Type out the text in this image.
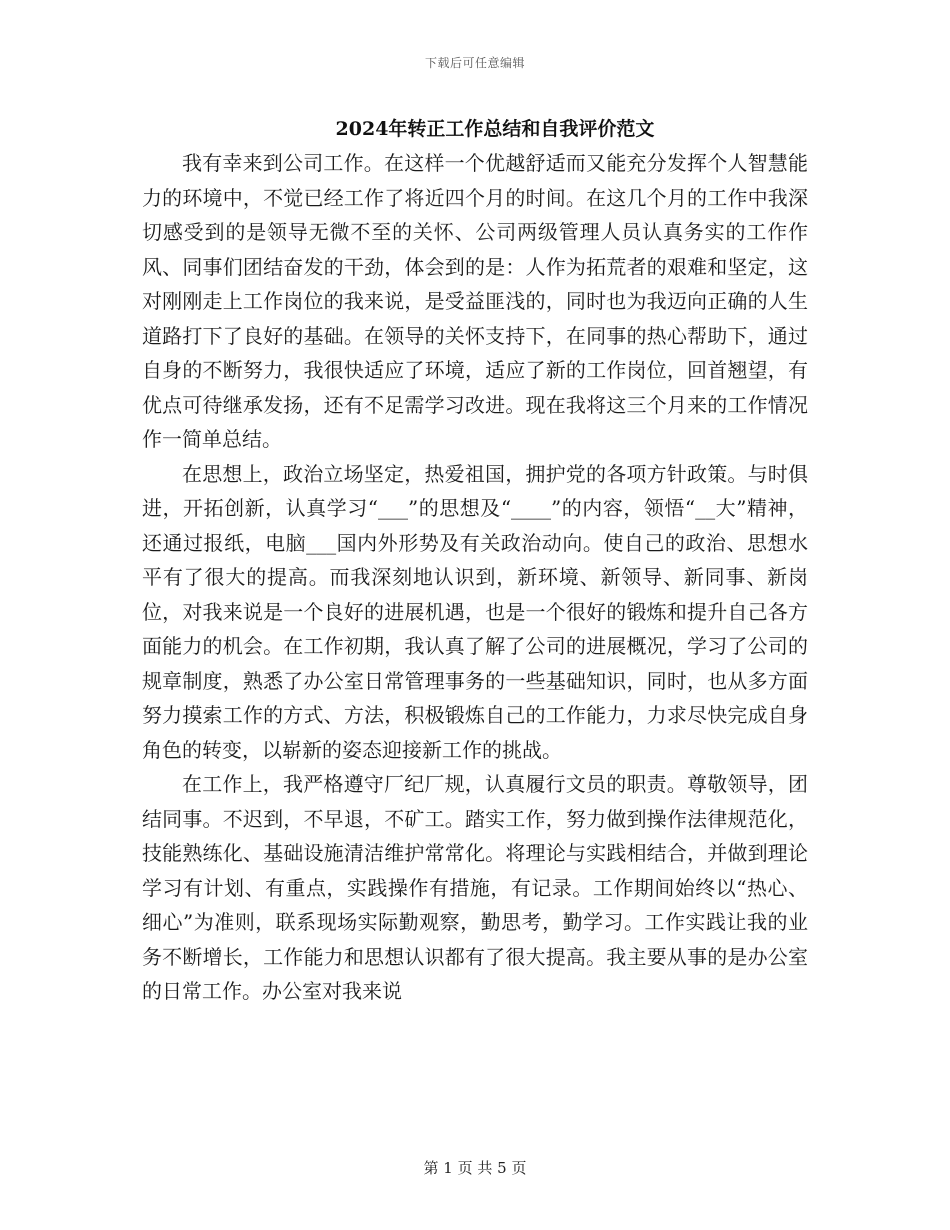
下载后可任意编辑
2024年转正工作总结和自我评价范文

我有幸来到公司工作。在这样一个优越舒适而又能充分发挥个人智慧能力的环境中，不觉已经工作了将近四个月的时间。在这几个月的工作中我深切感受到的是领导无微不至的关怀、公司两级管理人员认真务实的工作作风、同事们团结奋发的干劲，体会到的是：人作为拓荒者的艰难和坚定，这对刚刚走上工作岗位的我来说，是受益匪浅的，同时也为我迈向正确的人生道路打下了良好的基础。在领导的关怀支持下，在同事的热心帮助下，通过自身的不断努力，我很快适应了环境，适应了新的工作岗位，回首翘望，有优点可待继承发扬，还有不足需学习改进。现在我将这三个月来的工作情况作一简单总结。

在思想上，政治立场坚定，热爱祖国，拥护党的各项方针政策。与时俱进，开拓创新，认真学习“___”的思想及“____”的内容，领悟“__大”精神，还通过报纸，电脑___国内外形势及有关政治动向。使自己的政治、思想水平有了很大的提高。而我深刻地认识到，新环境、新领导、新同事、新岗位，对我来说是一个良好的进展机遇，也是一个很好的锻炼和提升自己各方面能力的机会。在工作初期，我认真了解了公司的进展概况，学习了公司的规章制度，熟悉了办公室日常管理事务的一些基础知识，同时，也从多方面努力摸索工作的方式、方法，积极锻炼自己的工作能力，力求尽快完成自身角色的转变，以崭新的姿态迎接新工作的挑战。

在工作上，我严格遵守厂纪厂规，认真履行文员的职责。尊敬领导，团结同事。不迟到，不早退，不矿工。踏实工作，努力做到操作法律规范化，技能熟练化、基础设施清洁维护常常化。将理论与实践相结合，并做到理论学习有计划、有重点，实践操作有措施，有记录。工作期间始终以“热心、细心”为准则，联系现场实际勤观察，勤思考，勤学习。工作实践让我的业务不断增长，工作能力和思想认识都有了很大提高。我主要从事的是办公室的日常工作。办公室对我来说

第 1 页 共 5 页
